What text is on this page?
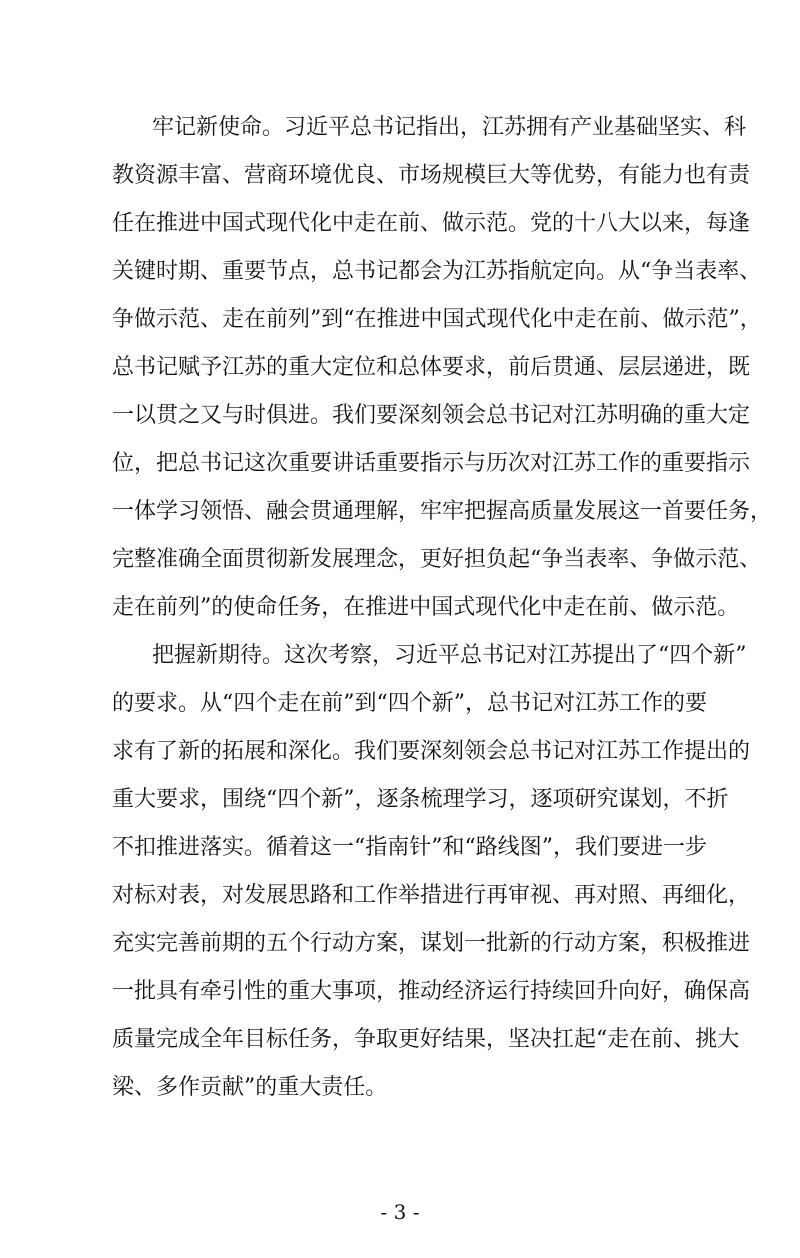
牢记新使命。习近平总书记指出，江苏拥有产业基础坚实、科
教资源丰富、营商环境优良、市场规模巨大等优势，有能力也有责
任在推进中国式现代化中走在前、做示范。党的十八大以来，每逢
关键时期、重要节点，总书记都会为江苏指航定向。从“争当表率、
争做示范、走在前列”到“在推进中国式现代化中走在前、做示范”，
总书记赋予江苏的重大定位和总体要求，前后贯通、层层递进，既
一以贯之又与时俱进。我们要深刻领会总书记对江苏明确的重大定
位，把总书记这次重要讲话重要指示与历次对江苏工作的重要指示
一体学习领悟、融会贯通理解，牢牢把握高质量发展这一首要任务，
完整准确全面贯彻新发展理念，更好担负起“争当表率、争做示范、
走在前列”的使命任务，在推进中国式现代化中走在前、做示范。
把握新期待。这次考察，习近平总书记对江苏提出了“四个新”
的要求。从“四个走在前”到“四个新”，总书记对江苏工作的要
求有了新的拓展和深化。我们要深刻领会总书记对江苏工作提出的
重大要求，围绕“四个新”，逐条梳理学习，逐项研究谋划，不折
不扣推进落实。循着这一“指南针”和“路线图”，我们要进一步
对标对表，对发展思路和工作举措进行再审视、再对照、再细化，
充实完善前期的五个行动方案，谋划一批新的行动方案，积极推进
一批具有牵引性的重大事项，推动经济运行持续回升向好，确保高
质量完成全年目标任务，争取更好结果，坚决扛起“走在前、挑大
梁、多作贡献”的重大责任。
- 3 -
